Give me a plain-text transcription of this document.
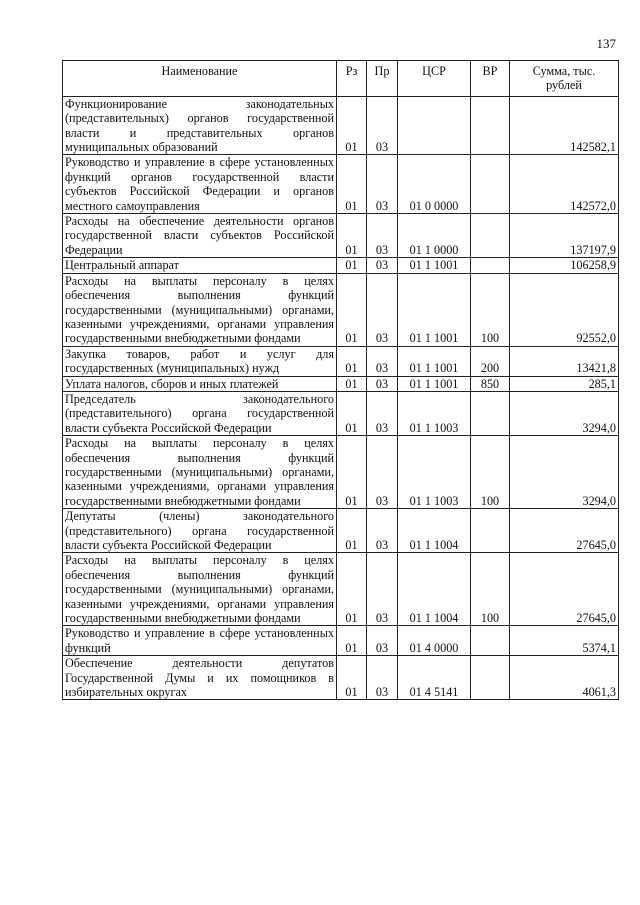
137
Наименование	Рз	Пр	ЦСР	ВР	Сумма, тыс. рублей
Функционирование законодательных (представительных) органов государственной власти и представительных органов муниципальных образований	01	03			142582,1
Руководство и управление в сфере установленных функций органов государственной власти субъектов Российской Федерации и органов местного самоуправления	01	03	01 0 0000		142572,0
Расходы на обеспечение деятельности органов государственной власти субъектов Российской Федерации	01	03	01 1 0000		137197,9
Центральный аппарат	01	03	01 1 1001		106258,9
Расходы на выплаты персоналу в целях обеспечения выполнения функций государственными (муниципальными) органами, казенными учреждениями, органами управления государственными внебюджетными фондами	01	03	01 1 1001	100	92552,0
Закупка товаров, работ и услуг для государственных (муниципальных) нужд	01	03	01 1 1001	200	13421,8
Уплата налогов, сборов и иных платежей	01	03	01 1 1001	850	285,1
Председатель законодательного (представительного) органа государственной власти субъекта Российской Федерации	01	03	01 1 1003		3294,0
Расходы на выплаты персоналу в целях обеспечения выполнения функций государственными (муниципальными) органами, казенными учреждениями, органами управления государственными внебюджетными фондами	01	03	01 1 1003	100	3294,0
Депутаты (члены) законодательного (представительного) органа государственной власти субъекта Российской Федерации	01	03	01 1 1004		27645,0
Расходы на выплаты персоналу в целях обеспечения выполнения функций государственными (муниципальными) органами, казенными учреждениями, органами управления государственными внебюджетными фондами	01	03	01 1 1004	100	27645,0
Руководство и управление в сфере установленных функций	01	03	01 4 0000		5374,1
Обеспечение деятельности депутатов Государственной Думы и их помощников в избирательных округах	01	03	01 4 5141		4061,3
